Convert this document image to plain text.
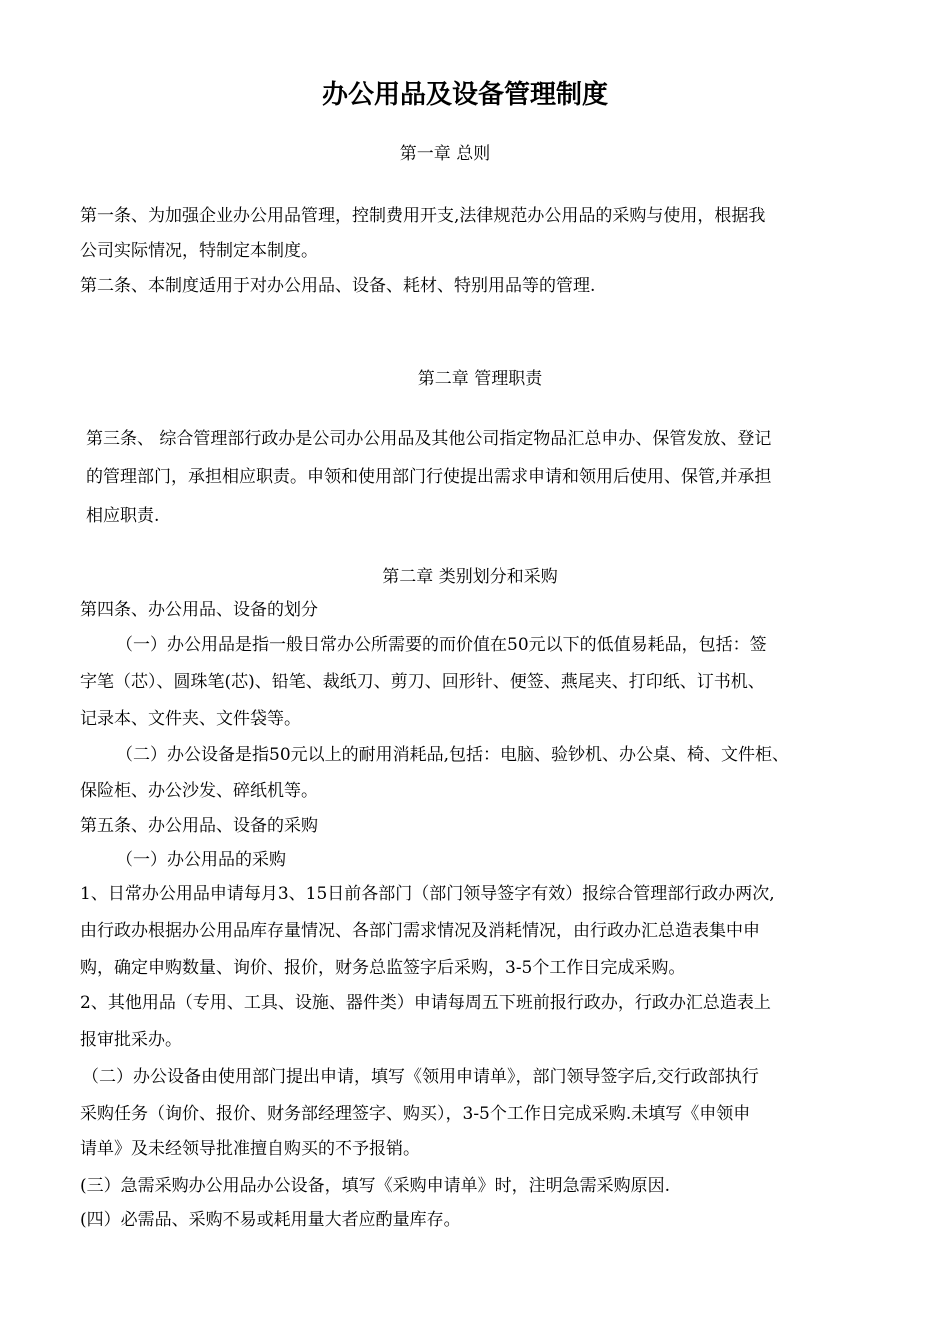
办公用品及设备管理制度
第一章 总则
第一条、为加强企业办公用品管理，控制费用开支,法律规范办公用品的采购与使用，根据我
公司实际情况，特制定本制度。
第二条、本制度适用于对办公用品、设备、耗材、特别用品等的管理.
第二章 管理职责
第三条、 综合管理部行政办是公司办公用品及其他公司指定物品汇总申办、保管发放、登记
的管理部门，承担相应职责。申领和使用部门行使提出需求申请和领用后使用、保管,并承担
相应职责.
第二章 类别划分和采购
第四条、办公用品、设备的划分
（一）办公用品是指一般日常办公所需要的而价值在50元以下的低值易耗品，包括：签
字笔（芯）、圆珠笔(芯)、铅笔、裁纸刀、剪刀、回形针、便签、燕尾夹、打印纸、订书机、
记录本、文件夹、文件袋等。
（二）办公设备是指50元以上的耐用消耗品,包括：电脑、验钞机、办公桌、椅、文件柜、
保险柜、办公沙发、碎纸机等。
第五条、办公用品、设备的采购
（一）办公用品的采购
1、日常办公用品申请每月3、15日前各部门（部门领导签字有效）报综合管理部行政办两次,
由行政办根据办公用品库存量情况、各部门需求情况及消耗情况，由行政办汇总造表集中申
购，确定申购数量、询价、报价，财务总监签字后采购，3-5个工作日完成采购。
2、其他用品（专用、工具、设施、器件类）申请每周五下班前报行政办，行政办汇总造表上
报审批采办。
（二）办公设备由使用部门提出申请，填写《领用申请单》，部门领导签字后,交行政部执行
采购任务（询价、报价、财务部经理签字、购买），3-5个工作日完成采购.未填写《申领申
请单》及未经领导批准擅自购买的不予报销。
(三）急需采购办公用品办公设备，填写《采购申请单》时，注明急需采购原因.
(四）必需品、采购不易或耗用量大者应酌量库存。
